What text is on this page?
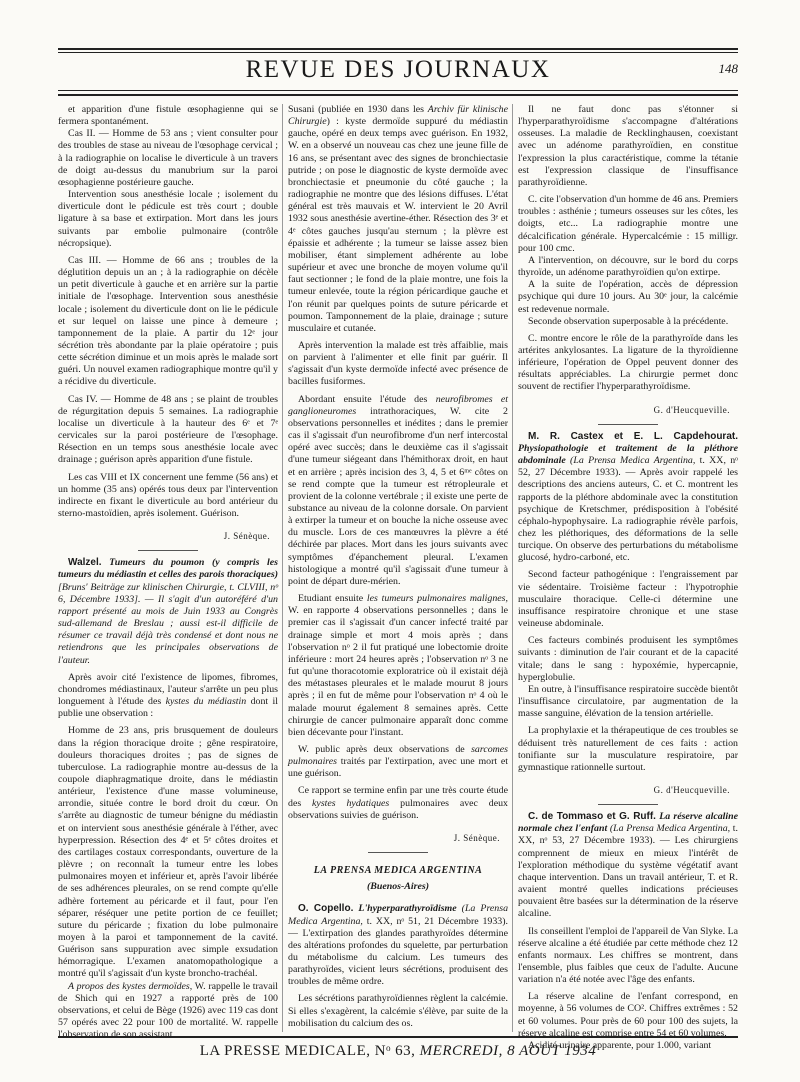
REVUE DES JOURNAUX	148

et apparition d'une fistule œsophagienne qui se fermera spontanément.

Cas II. — Homme de 53 ans ; vient consulter pour des troubles de stase au niveau de l'œsophage cervical ; à la radiographie on localise le diverticule à un travers de doigt au-dessus du manubrium sur la paroi œsophagienne postérieure gauche.

Intervention sous anesthésie locale ; isolement du diverticule dont le pédicule est très court ; double ligature à sa base et extirpation. Mort dans les jours suivants par embolie pulmonaire (contrôle nécropsique).

Cas III. — Homme de 66 ans ; troubles de la déglutition depuis un an ; à la radiographie on décèle un petit diverticule à gauche et en arrière sur la partie initiale de l'œsophage. Intervention sous anesthésie locale ; isolement du diverticule dont on lie le pédicule et sur lequel on laisse une pince à demeure ; tamponnement de la plaie. A partir du 12ᵉ jour sécrétion très abondante par la plaie opératoire ; puis cette sécrétion diminue et un mois après le malade sort guéri. Un nouvel examen radiographique montre qu'il y a récidive du diverticule.

Cas IV. — Homme de 48 ans ; se plaint de troubles de régurgitation depuis 5 semaines. La radiographie localise un diverticule à la hauteur des 6ᵉ et 7ᵉ cervicales sur la paroi postérieure de l'œsophage. Résection en un temps sous anesthésie locale avec drainage ; guérison après apparition d'une fistule.

Les cas VIII et IX concernent une femme (56 ans) et un homme (35 ans) opérés tous deux par l'intervention indirecte en fixant le diverticule au bord antérieur du sterno-mastoïdien, après isolement. Guérison.

J. Sénèque.

Walzel. Tumeurs du poumon (y compris les tumeurs du médiastin et celles des parois thoraciques) [Bruns' Beiträge zur klinischen Chirurgie, t. CLVIII, nᵒ 6, Décembre 1933]. — Il s'agit d'un autoréféré d'un rapport présenté au mois de Juin 1933 au Congrès sud-allemand de Breslau ; aussi est-il difficile de résumer ce travail déjà très condensé et dont nous ne retiendrons que les principales observations de l'auteur.

Après avoir cité l'existence de lipomes, fibromes, chondromes médiastinaux, l'auteur s'arrête un peu plus longuement à l'étude des kystes du médiastin dont il publie une observation :

Homme de 23 ans, pris brusquement de douleurs dans la région thoracique droite ; gêne respiratoire, douleurs thoraciques droites ; pas de signes de tuberculose. La radiographie montre au-dessus de la coupole diaphragmatique droite, dans le médiastin antérieur, l'existence d'une masse volumineuse, arrondie, située contre le bord droit du cœur. On s'arrête au diagnostic de tumeur bénigne du médiastin et on intervient sous anesthésie générale à l'éther, avec hyperpression. Résection des 4ᵉ et 5ᵉ côtes droites et des cartilages costaux correspondants, ouverture de la plèvre ; on reconnaît la tumeur entre les lobes pulmonaires moyen et inférieur et, après l'avoir libérée de ses adhérences pleurales, on se rend compte qu'elle adhère fortement au péricarde et il faut, pour l'en séparer, réséquer une petite portion de ce feuillet; suture du péricarde ; fixation du lobe pulmonaire moyen à la paroi et tamponnement de la cavité. Guérison sans suppuration avec simple exsudation hémorragique. L'examen anatomopathologique a montré qu'il s'agissait d'un kyste broncho-trachéal.

A propos des kystes dermoïdes, W. rappelle le travail de Shich qui en 1927 a rapporté près de 100 observations, et celui de Bège (1926) avec 119 cas dont 57 opérés avec 22 pour 100 de mortalité. W. rappelle l'observation de son assistant

Susani (publiée en 1930 dans les Archiv für klinische Chirurgie) : kyste dermoïde suppuré du médiastin gauche, opéré en deux temps avec guérison. En 1932, W. en a observé un nouveau cas chez une jeune fille de 16 ans, se présentant avec des signes de bronchiectasie putride ; on pose le diagnostic de kyste dermoïde avec bronchiectasie et pneumonie du côté gauche ; la radiographie ne montre que des lésions diffuses. L'état général est très mauvais et W. intervient le 20 Avril 1932 sous anesthésie avertine-éther. Résection des 3ᵉ et 4ᵉ côtes gauches jusqu'au sternum ; la plèvre est épaissie et adhérente ; la tumeur se laisse assez bien mobiliser, étant simplement adhérente au lobe supérieur et avec une bronche de moyen volume qu'il faut sectionner ; le fond de la plaie montre, une fois la tumeur enlevée, toute la région péricardique gauche et l'on réunit par quelques points de suture péricarde et poumon. Tamponnement de la plaie, drainage ; suture musculaire et cutanée.

Après intervention la malade est très affaiblie, mais on parvient à l'alimenter et elle finit par guérir. Il s'agissait d'un kyste dermoïde infecté avec présence de bacilles fusiformes.

Abordant ensuite l'étude des neurofibromes et ganglioneuromes intrathoraciques, W. cite 2 observations personnelles et inédites ; dans le premier cas il s'agissait d'un neurofibrome d'un nerf intercostal opéré avec succès; dans le deuxième cas il s'agissait d'une tumeur siégeant dans l'hémithorax droit, en haut et en arrière ; après incision des 3, 4, 5 et 6ᵐᵉ côtes on se rend compte que la tumeur est rétropleurale et provient de la colonne vertébrale ; il existe une perte de substance au niveau de la colonne dorsale. On parvient à extirper la tumeur et on bouche la niche osseuse avec du muscle. Lors de ces manœuvres la plèvre a été déchirée par places. Mort dans les jours suivants avec symptômes d'épanchement pleural. L'examen histologique a montré qu'il s'agissait d'une tumeur à point de départ dure-mérien.

Etudiant ensuite les tumeurs pulmonaires malignes, W. en rapporte 4 observations personnelles ; dans le premier cas il s'agissait d'un cancer infecté traité par drainage simple et mort 4 mois après ; dans l'observation nᵒ 2 il fut pratiqué une lobectomie droite inférieure : mort 24 heures après ; l'observation nᵒ 3 ne fut qu'une thoracotomie exploratrice où il existait déjà des métastases pleurales et le malade mourut 8 jours après ; il en fut de même pour l'observation nᵒ 4 où le malade mourut également 8 semaines après. Cette chirurgie de cancer pulmonaire apparaît donc comme bien décevante pour l'instant.

W. public après deux observations de sarcomes pulmonaires traités par l'extirpation, avec une mort et une guérison.

Ce rapport se termine enfin par une très courte étude des kystes hydatiques pulmonaires avec deux observations suivies de guérison.

J. Sénèque.

LA PRENSA MEDICA ARGENTINA

(Buenos-Aires)

O. Copello. L'hyperparathyroïdisme (La Prensa Medica Argentina, t. XX, nᵒ 51, 21 Décembre 1933). — L'extirpation des glandes parathyroïdes détermine des altérations profondes du squelette, par perturbation du métabolisme du calcium. Les tumeurs des parathyroïdes, vicient leurs sécrétions, produisent des troubles de même ordre.

Les sécrétions parathyroïdiennes règlent la calcémie. Si elles s'exagèrent, la calcémie s'élève, par suite de la mobilisation du calcium des os.

Il ne faut donc pas s'étonner si l'hyperparathyroïdisme s'accompagne d'altérations osseuses. La maladie de Recklinghausen, coexistant avec un adénome parathyroïdien, en constitue l'expression la plus caractéristique, comme la tétanie est l'expression classique de l'insuffisance parathyroïdienne.

C. cite l'observation d'un homme de 46 ans. Premiers troubles : asthénie ; tumeurs osseuses sur les côtes, les doigts, etc... La radiographie montre une décalcification générale. Hypercalcémie : 15 milligr. pour 100 cmc.

A l'intervention, on découvre, sur le bord du corps thyroïde, un adénome parathyroïdien qu'on extirpe.

A la suite de l'opération, accès de dépression psychique qui dure 10 jours. Au 30ᵉ jour, la calcémie est redevenue normale.

Seconde observation superposable à la précédente.

C. montre encore le rôle de la parathyroïde dans les artérites ankylosantes. La ligature de la thyroïdienne inférieure, l'opération de Oppel peuvent donner des résultats appréciables. La chirurgie permet donc souvent de rectifier l'hyperparathyroïdisme.

G. d'Heucqueville.

M. R. Castex et E. L. Capdehourat. Physiopathologie et traitement de la pléthore abdominale (La Prensa Medica Argentina, t. XX, nᵒ 52, 27 Décembre 1933). — Après avoir rappelé les descriptions des anciens auteurs, C. et C. montrent les rapports de la pléthore abdominale avec la constitution psychique de Kretschmer, prédisposition à l'obésité céphalo-hypophysaire. La radiographie révèle parfois, chez les pléthoriques, des déformations de la selle turcique. On observe des perturbations du métabolisme glucosé, hydro-carboné, etc.

Second facteur pathogénique : l'engraissement par vie sédentaire. Troisième facteur : l'hypotrophie musculaire thoracique. Celle-ci détermine une insuffisance respiratoire chronique et une stase veineuse abdominale.

Ces facteurs combinés produisent les symptômes suivants : diminution de l'air courant et de la capacité vitale; dans le sang : hypoxémie, hypercapnie, hyperglobulie.

En outre, à l'insuffisance respiratoire succède bientôt l'insuffisance circulatoire, par augmentation de la masse sanguine, élévation de la tension artérielle.

La prophylaxie et la thérapeutique de ces troubles se déduisent très naturellement de ces faits : action tonifiante sur la musculature respiratoire, par gymnastique rationnelle surtout.

G. d'Heucqueville.

C. de Tommaso et G. Ruff. La réserve alcaline normale chez l'enfant (La Prensa Medica Argentina, t. XX, nᵒ 53, 27 Décembre 1933). — Les chirurgiens comprennent de mieux en mieux l'intérêt de l'exploration méthodique du système végétatif avant chaque intervention. Dans un travail antérieur, T. et R. avaient montré quelles indications précieuses pouvaient être basées sur la détermination de la réserve alcaline.

Ils conseillent l'emploi de l'appareil de Van Slyke. La réserve alcaline a été étudiée par cette méthode chez 12 enfants normaux. Les chiffres se montrent, dans l'ensemble, plus faibles que ceux de l'adulte. Aucune variation n'a été notée avec l'âge des enfants.

La réserve alcaline de l'enfant correspond, en moyenne, à 56 volumes de CO². Chiffres extrêmes : 52 et 60 volumes. Pour près de 60 pour 100 des sujets, la réserve alcaline est comprise entre 54 et 60 volumes.

Acidité urinaire apparente, pour 1.000, variant

LA PRESSE MEDICALE, Nᵒ 63, MERCREDI, 8 AOUT 1934
